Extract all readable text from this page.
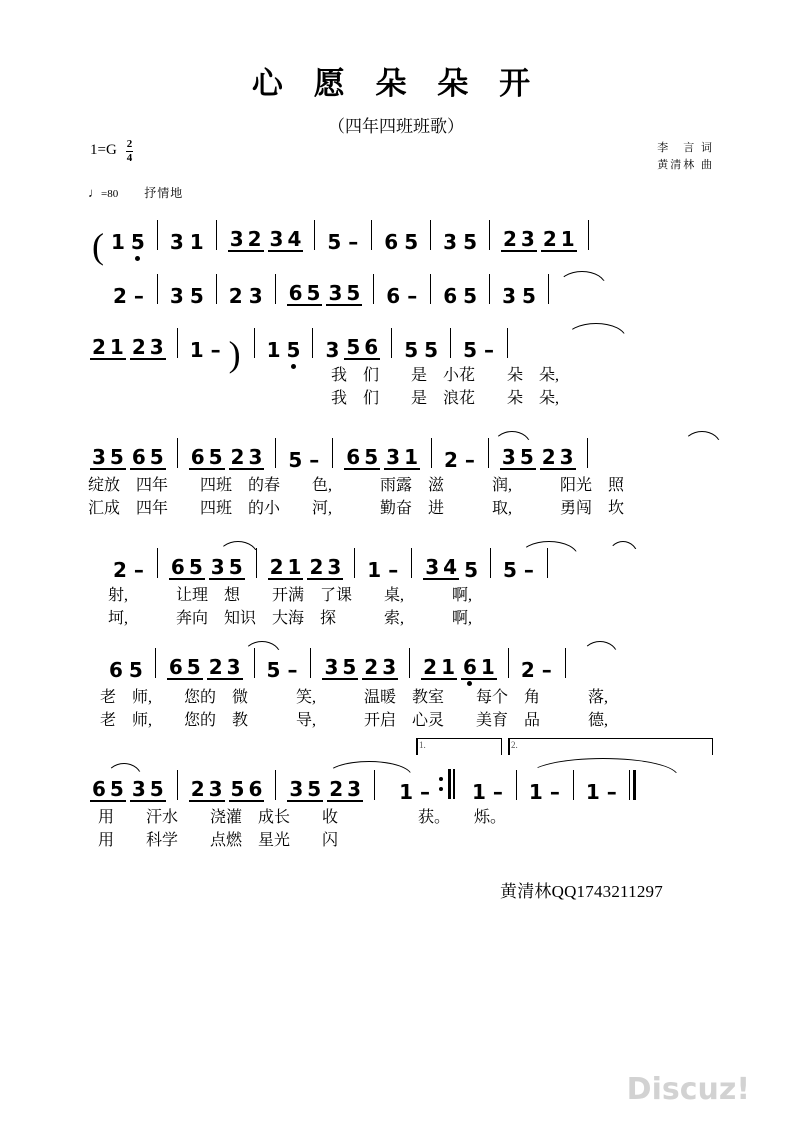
心 愿 朵 朵 开
（四年四班班歌）
$1=G \frac{2}{4}$	李　言 词
黄清林 曲
♩=80 抒情地
( 1 5 3 1 3 2 3 4 5 – 6 5 3 5 2 3 2 1
2 – 3 5 2 3 6 5 3 5 6 – 6 5 3 5
2 1 2 3 1 – ) 1 5 3 5 6 5 5 5 –
我　们　　是　小花　　朵　朵,
我　们　　是　浪花　　朵　朵,
3 5 6 5 6 5 2 3 5 – 6 5 3 1 2 – 3 5 2 3
绽放　四年　　四班　的春　　色,　　　雨露　滋　　　润,　　　阳光　照
汇成　四年　　四班　的小　　河,　　　勤奋　进　　　取,　　　勇闯　坎
2 – 6 5 3 5 2 1 2 3 1 – 3 4 5 5 –
射,　　　让理　想　　开满　了课　　桌,　　　啊,
坷,　　　奔向　知识　大海　探　　　索,　　　啊,
6 5 6 5 2 3 5 – 3 5 2 3 2 1 6 1 2 –
老　师,　　您的　微　　　笑,　　　温暖　教室　　每个　角　　　落,
老　师,　　您的　教　　　导,　　　开启　心灵　　美育　品　　　德,
1.	2.
6 5 3 5 2 3 5 6 3 5 2 3 1 – 1 – 1 – 1 –
用　　汗水　　浇灌　成长　　收　　　　　获。　　烁。
用　　科学　　点燃　星光　　闪
黄清林QQ1743211297
Discuz!
